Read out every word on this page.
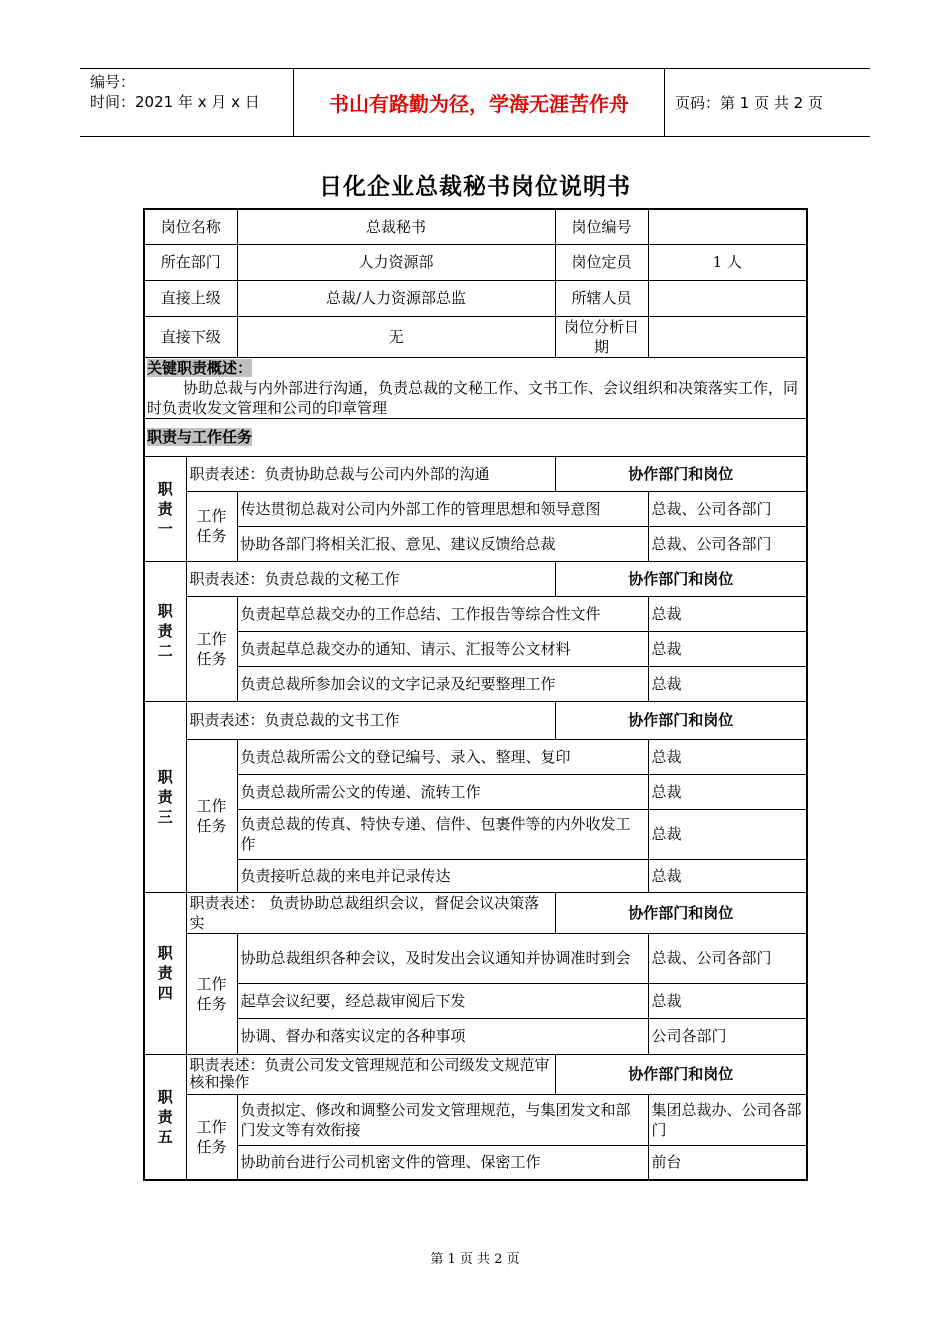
编号：
时间：2021 年 x 月 x 日	书山有路勤为径，学海无涯苦作舟	页码：第 1 页 共 2 页
日化企业总裁秘书岗位说明书
岗位名称		总裁秘书	岗位编号	
所在部门		人力资源部	岗位定员	1 人
直接上级		总裁/人力资源部总监	所辖人员	
直接下级		无	岗位分析日期	
关键职责概述：
协助总裁与内外部进行沟通，负责总裁的文秘工作、文书工作、会议组织和决策落实工作，同时负责收发文管理和公司的印章管理				

职责与工作任务				

职
责
一	职责表述：负责协助总裁与公司内外部的沟通		协作部门和岗位	

	工作
任务	传达贯彻总裁对公司内外部工作的管理思想和领导意图		总裁、公司各部门
		协助各部门将相关汇报、意见、建议反馈给总裁		总裁、公司各部门

职
责
二	职责表述：负责总裁的文秘工作		协作部门和岗位	

	工作
任务	负责起草总裁交办的工作总结、工作报告等综合性文件		总裁
		负责起草总裁交办的通知、请示、汇报等公文材料		总裁
		负责总裁所参加会议的文字记录及纪要整理工作		总裁

职
责
三	职责表述：负责总裁的文书工作		协作部门和岗位	

	工作
任务	负责总裁所需公文的登记编号、录入、整理、复印		总裁
		负责总裁所需公文的传递、流转工作		总裁
		负责总裁的传真、特快专递、信件、包裹件等的内外收发工作		总裁
		负责接听总裁的来电并记录传达		总裁

职
责
四	职责表述： 负责协助总裁组织会议，督促会议决策落实		协作部门和岗位	

	工作
任务	协助总裁组织各种会议，及时发出会议通知并协调准时到会		总裁、公司各部门
		起草会议纪要，经总裁审阅后下发		总裁
		协调、督办和落实议定的各种事项		公司各部门

职
责
五	职责表述：负责公司发文管理规范和公司级发文规范审核和操作		协作部门和岗位	

	工作
任务	负责拟定、修改和调整公司发文管理规范，与集团发文和部门发文等有效衔接		集团总裁办、公司各部门
		协助前台进行公司机密文件的管理、保密工作		前台
第 1 页 共 2 页
